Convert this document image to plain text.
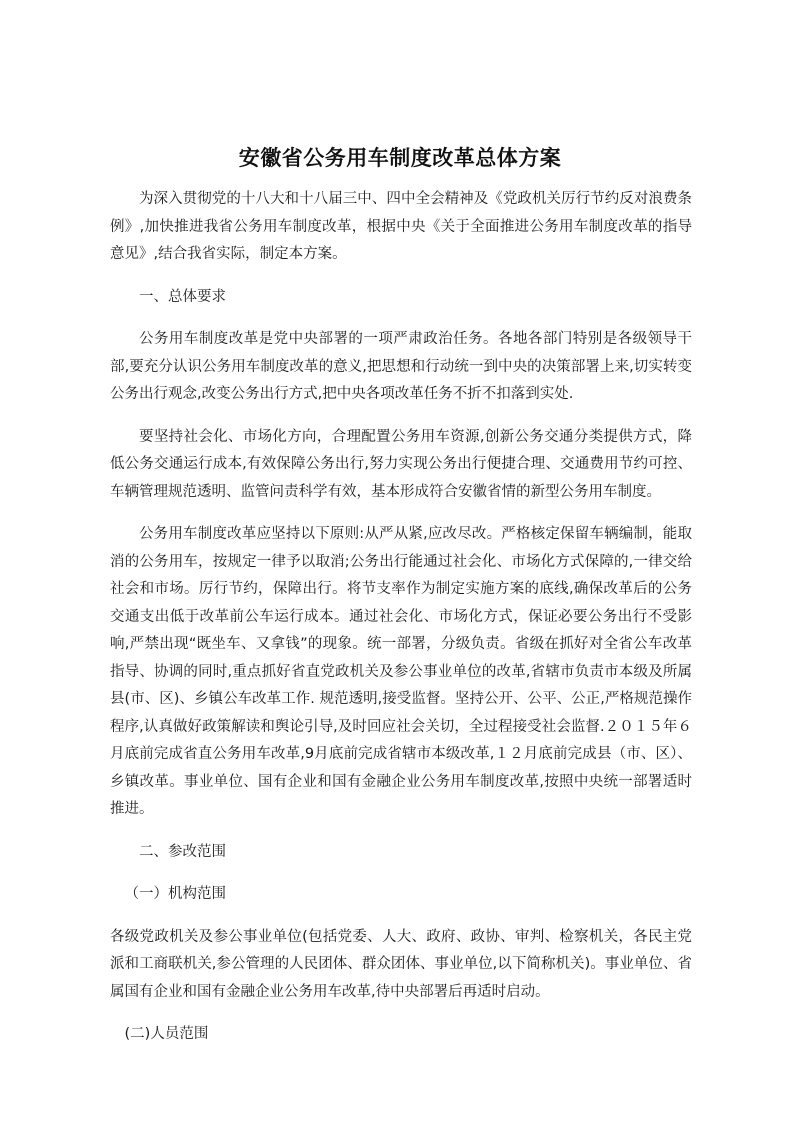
安徽省公务用车制度改革总体方案

为深入贯彻党的十八大和十八届三中、四中全会精神及《党政机关厉行节约反对浪费条例》,加快推进我省公务用车制度改革，根据中央《关于全面推进公务用车制度改革的指导意见》,结合我省实际，制定本方案。

一、总体要求

公务用车制度改革是党中央部署的一项严肃政治任务。各地各部门特别是各级领导干部,要充分认识公务用车制度改革的意义,把思想和行动统一到中央的决策部署上来,切实转变公务出行观念,改变公务出行方式,把中央各项改革任务不折不扣落到实处.

要坚持社会化、市场化方向，合理配置公务用车资源,创新公务交通分类提供方式，降低公务交通运行成本,有效保障公务出行,努力实现公务出行便捷合理、交通费用节约可控、车辆管理规范透明、监管问责科学有效，基本形成符合安徽省情的新型公务用车制度。

公务用车制度改革应坚持以下原则:从严从紧,应改尽改。严格核定保留车辆编制，能取消的公务用车，按规定一律予以取消;公务出行能通过社会化、市场化方式保障的,一律交给社会和市场。厉行节约，保障出行。将节支率作为制定实施方案的底线,确保改革后的公务交通支出低于改革前公车运行成本。通过社会化、市场化方式，保证必要公务出行不受影响,严禁出现“既坐车、又拿钱”的现象。统一部署，分级负责。省级在抓好对全省公车改革指导、协调的同时,重点抓好省直党政机关及参公事业单位的改革,省辖市负责市本级及所属县(市、区)、乡镇公车改革工作. 规范透明,接受监督。坚持公开、公平、公正,严格规范操作程序,认真做好政策解读和舆论引导,及时回应社会关切，全过程接受社会监督.２０１５年６月底前完成省直公务用车改革,9月底前完成省辖市本级改革,１２月底前完成县（市、区）、乡镇改革。事业单位、国有企业和国有金融企业公务用车制度改革,按照中央统一部署适时推进。

二、参改范围

（一）机构范围

各级党政机关及参公事业单位(包括党委、人大、政府、政协、审判、检察机关，各民主党派和工商联机关,参公管理的人民团体、群众团体、事业单位,以下简称机关)。事业单位、省属国有企业和国有金融企业公务用车改革,待中央部署后再适时启动。

(二)人员范围
